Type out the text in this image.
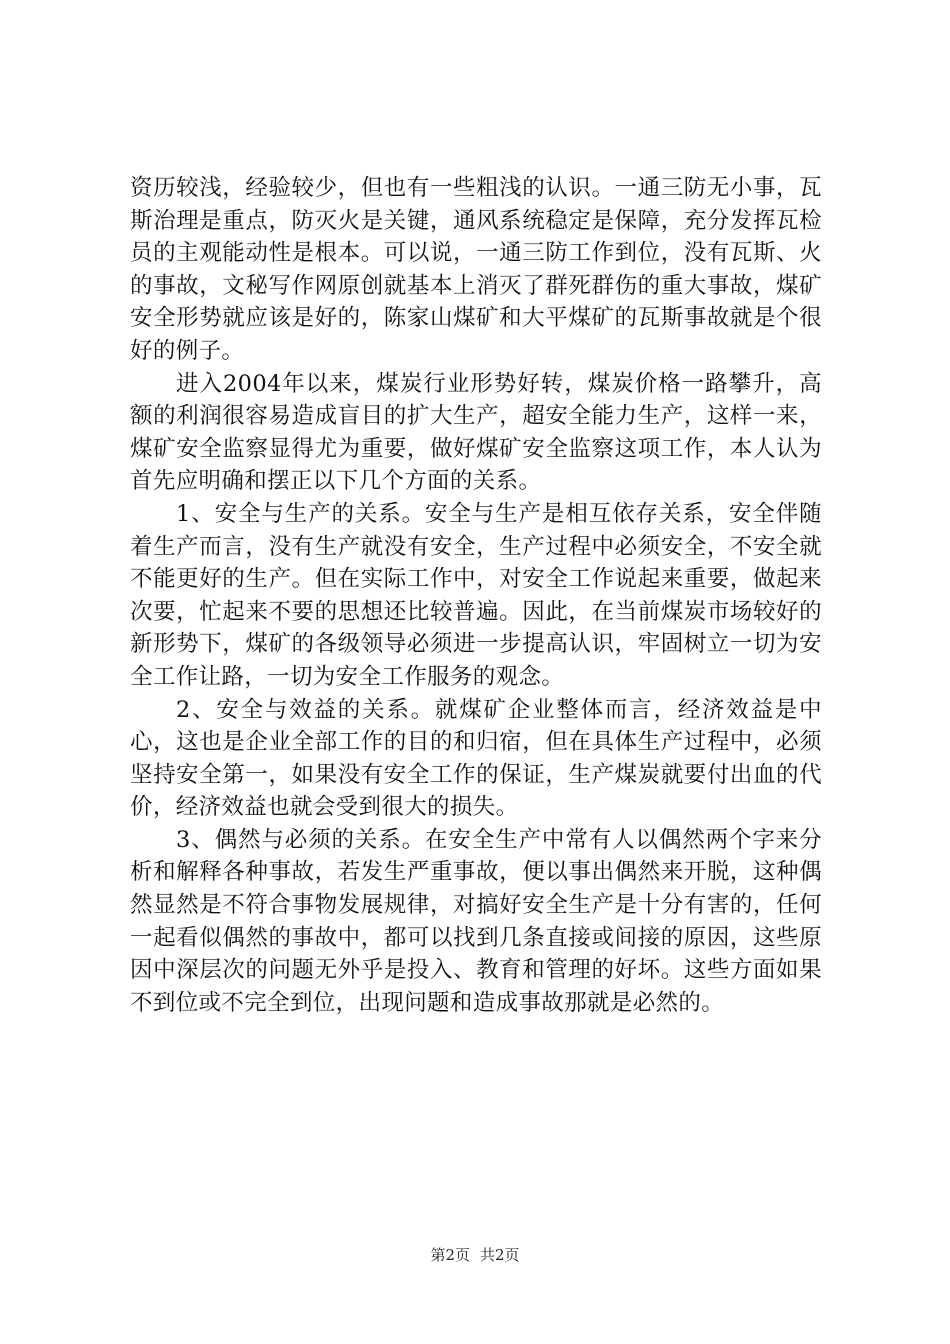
资历较浅，经验较少，但也有一些粗浅的认识。一通三防无小事，瓦斯治理是重点，防灭火是关键，通风系统稳定是保障，充分发挥瓦检员的主观能动性是根本。可以说，一通三防工作到位，没有瓦斯、火的事故，文秘写作网原创就基本上消灭了群死群伤的重大事故，煤矿安全形势就应该是好的，陈家山煤矿和大平煤矿的瓦斯事故就是个很好的例子。

进入2004年以来，煤炭行业形势好转，煤炭价格一路攀升，高额的利润很容易造成盲目的扩大生产，超安全能力生产，这样一来，煤矿安全监察显得尤为重要，做好煤矿安全监察这项工作，本人认为首先应明确和摆正以下几个方面的关系。

1、安全与生产的关系。安全与生产是相互依存关系，安全伴随着生产而言，没有生产就没有安全，生产过程中必须安全，不安全就不能更好的生产。但在实际工作中，对安全工作说起来重要，做起来次要，忙起来不要的思想还比较普遍。因此，在当前煤炭市场较好的新形势下，煤矿的各级领导必须进一步提高认识，牢固树立一切为安全工作让路，一切为安全工作服务的观念。

2、安全与效益的关系。就煤矿企业整体而言，经济效益是中心，这也是企业全部工作的目的和归宿，但在具体生产过程中，必须坚持安全第一，如果没有安全工作的保证，生产煤炭就要付出血的代价，经济效益也就会受到很大的损失。

3、偶然与必须的关系。在安全生产中常有人以偶然两个字来分析和解释各种事故，若发生严重事故，便以事出偶然来开脱，这种偶然显然是不符合事物发展规律，对搞好安全生产是十分有害的，任何一起看似偶然的事故中，都可以找到几条直接或间接的原因，这些原因中深层次的问题无外乎是投入、教育和管理的好坏。这些方面如果不到位或不完全到位，出现问题和造成事故那就是必然的。

第2页 共2页
